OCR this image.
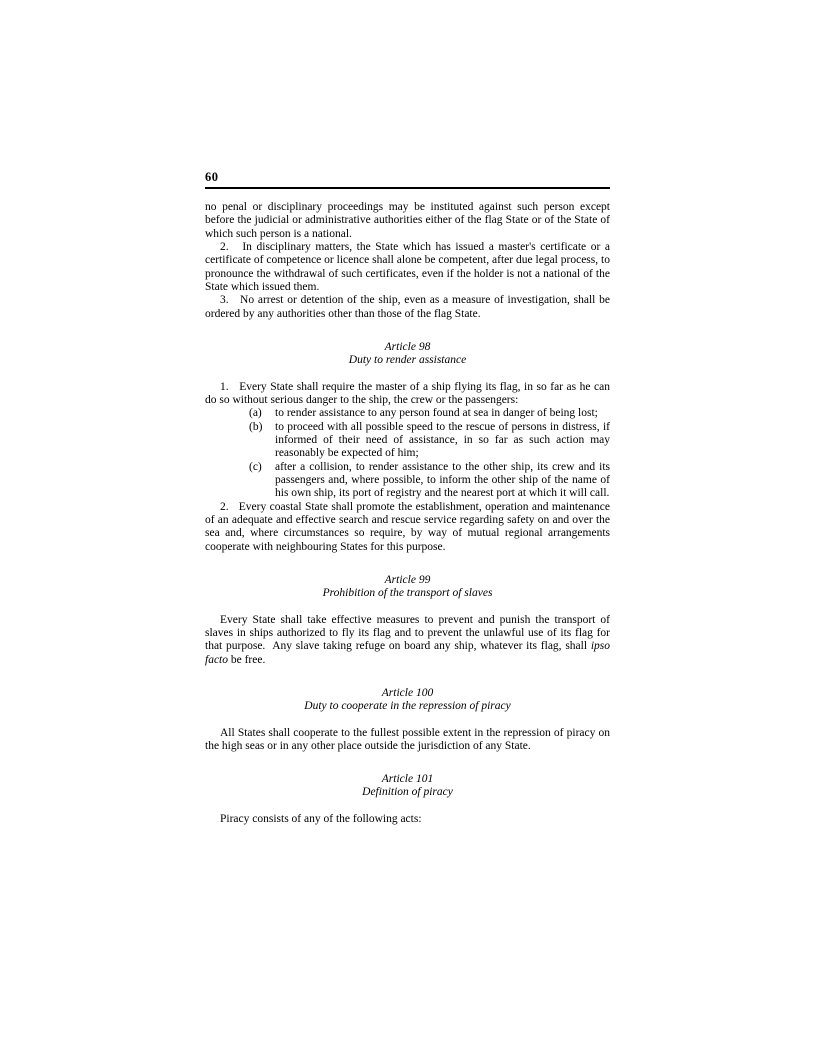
60

no penal or disciplinary proceedings may be instituted against such person except before the judicial or administrative authorities either of the flag State or of the State of which such person is a national.

2.   In disciplinary matters, the State which has issued a master's certificate or a certificate of competence or licence shall alone be competent, after due legal process, to pronounce the withdrawal of such certificates, even if the holder is not a national of the State which issued them.

3.   No arrest or detention of the ship, even as a measure of investigation, shall be ordered by any authorities other than those of the flag State.

Article 98
Duty to render assistance

1.   Every State shall require the master of a ship flying its flag, in so far as he can do so without serious danger to the ship, the crew or the passengers:

(a) to render assistance to any person found at sea in danger of being lost;
(b) to proceed with all possible speed to the rescue of persons in distress, if informed of their need of assistance, in so far as such action may reasonably be expected of him;
(c) after a collision, to render assistance to the other ship, its crew and its passengers and, where possible, to inform the other ship of the name of his own ship, its port of registry and the nearest port at which it will call.

2.   Every coastal State shall promote the establishment, operation and maintenance of an adequate and effective search and rescue service regarding safety on and over the sea and, where circumstances so require, by way of mutual regional arrangements cooperate with neighbouring States for this purpose.

Article 99
Prohibition of the transport of slaves

Every State shall take effective measures to prevent and punish the transport of slaves in ships authorized to fly its flag and to prevent the unlawful use of its flag for that purpose.  Any slave taking refuge on board any ship, whatever its flag, shall ipso facto be free.

Article 100
Duty to cooperate in the repression of piracy

All States shall cooperate to the fullest possible extent in the repression of piracy on the high seas or in any other place outside the jurisdiction of any State.

Article 101
Definition of piracy

Piracy consists of any of the following acts:
